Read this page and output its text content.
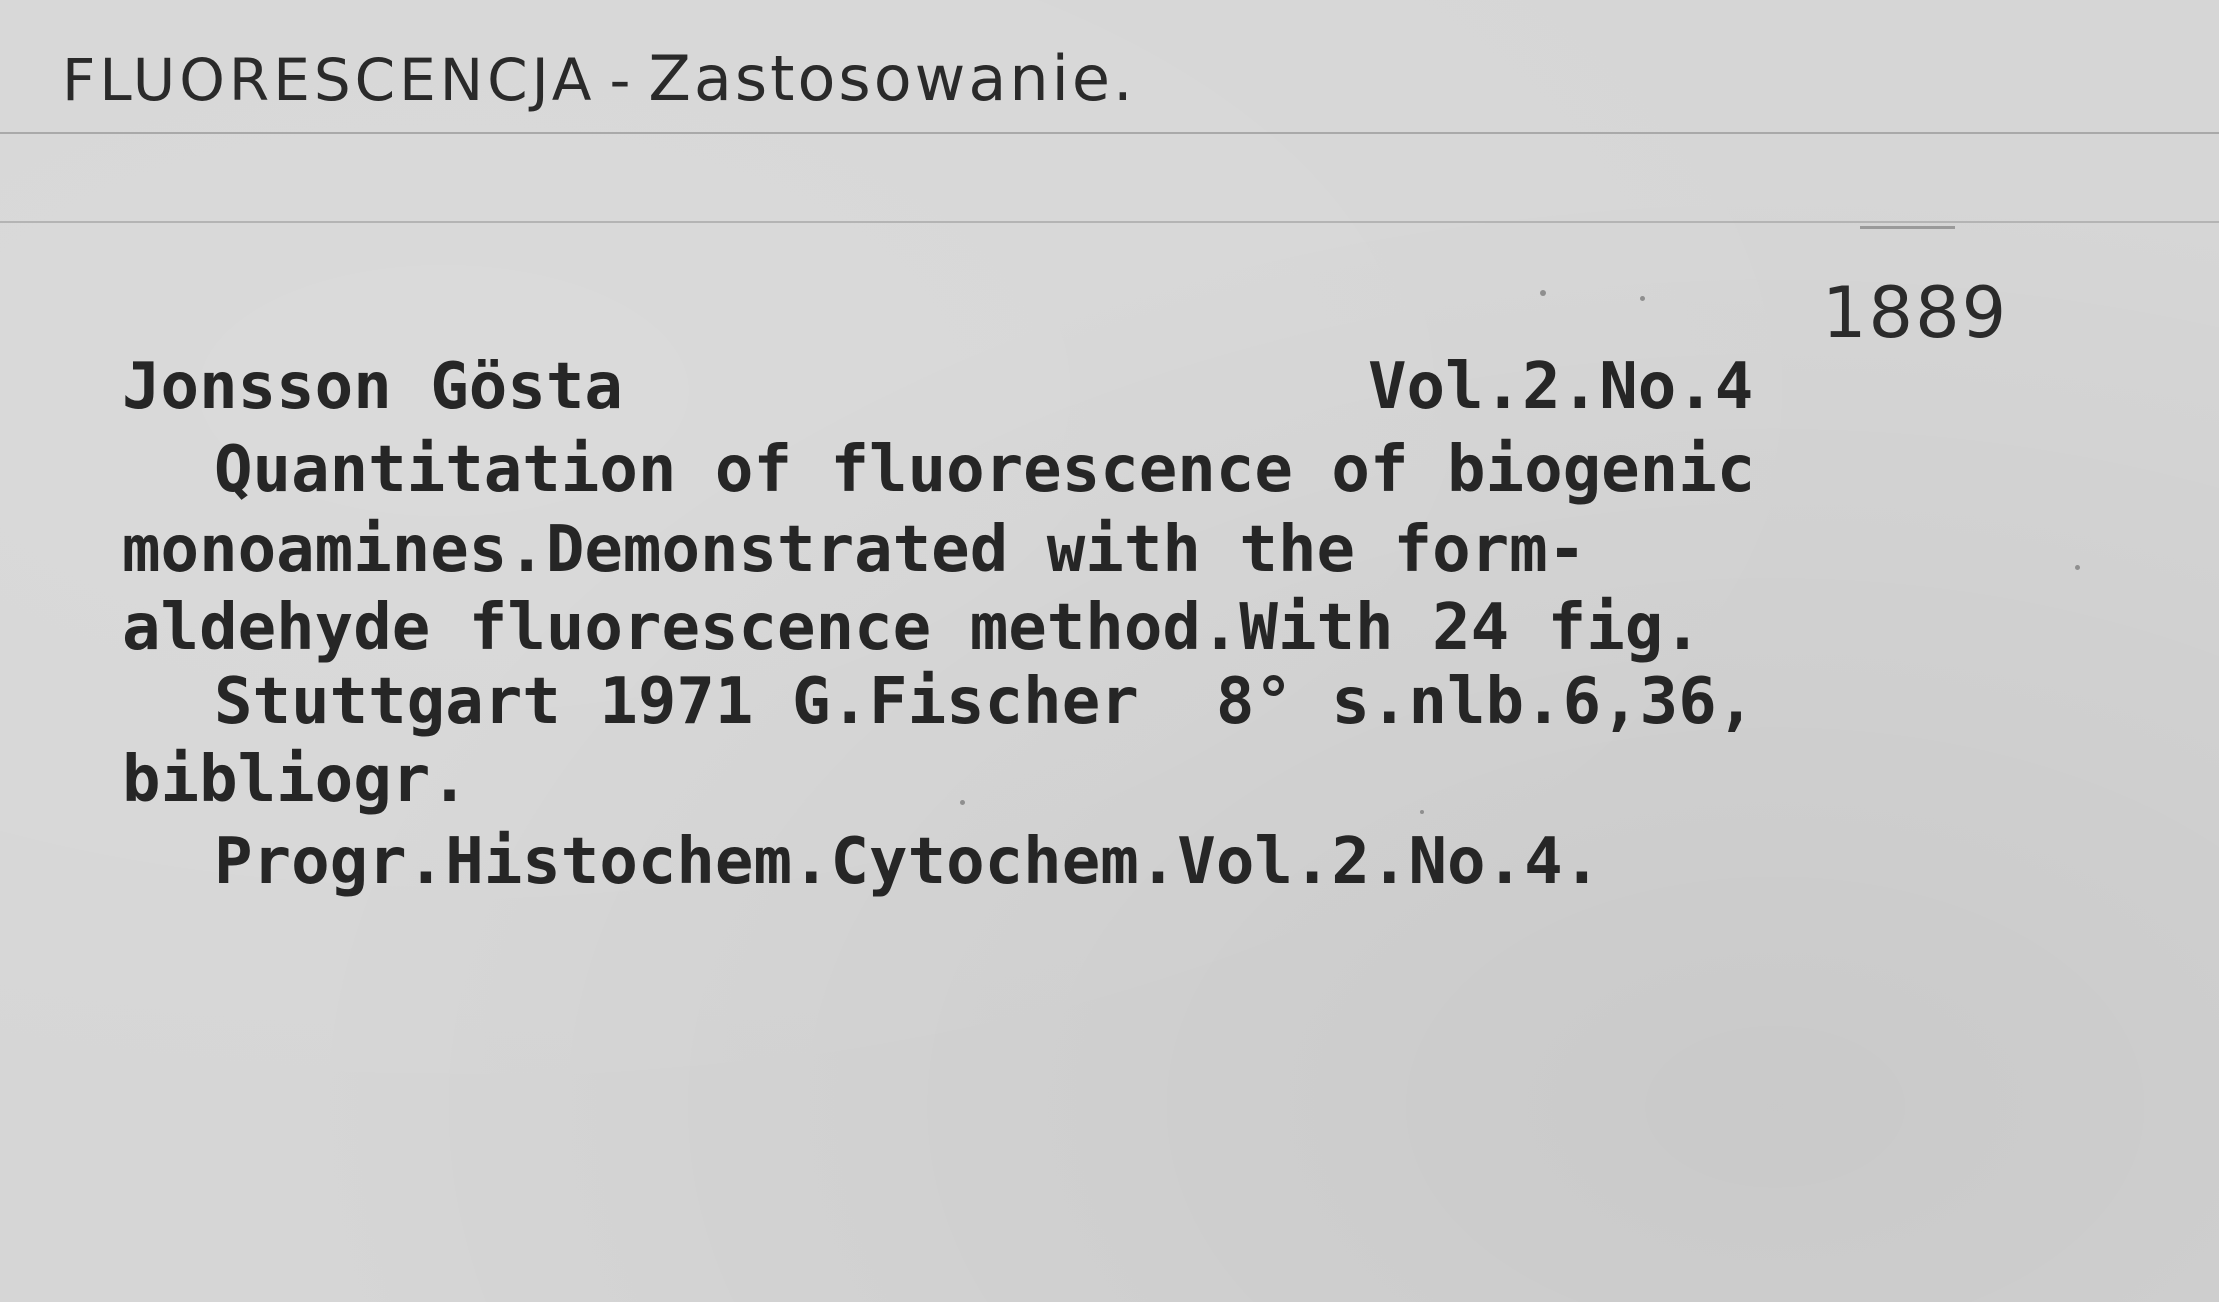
FLUORESCENCJA - Zastosowanie.
1889
Jonsson Gösta	Vol.2.No.4
Quantitation of fluorescence of biogenic
monoamines.Demonstrated with the form-
aldehyde fluorescence method.With 24 fig.
Stuttgart 1971 G.Fischer  8° s.nlb.6,36,
bibliogr.
Progr.Histochem.Cytochem.Vol.2.No.4.
